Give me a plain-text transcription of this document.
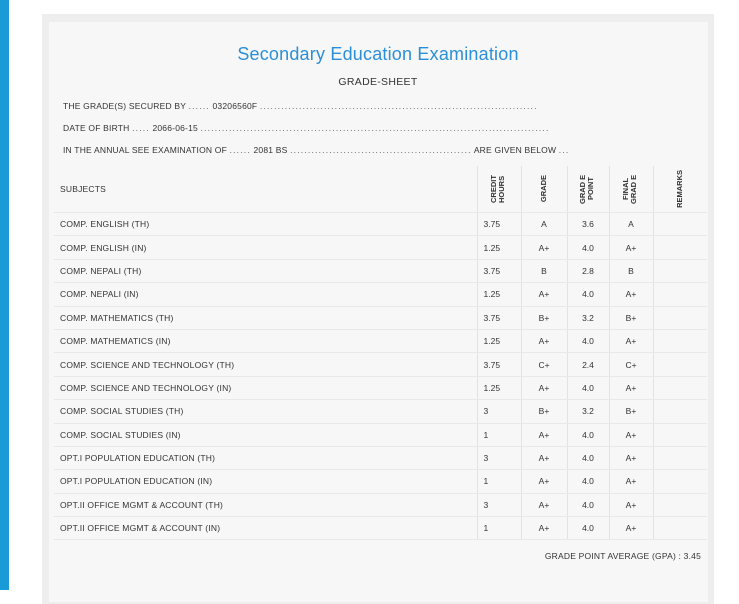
Secondary Education Examination
GRADE-SHEET
THE GRADE(S) SECURED BY ...... 03206560F ..............................................................................
DATE OF BIRTH ..... 2066-06-15 ..................................................................................................
IN THE ANNUAL SEE EXAMINATION OF ...... 2081 BS ................................................... ARE GIVEN BELOW ...
SUBJECTS	CREDIT HOURS	GRADE	GRAD E POINT	FINAL GRAD E	REMARKS

COMP. ENGLISH (TH)	3.75	A	3.6	A	
COMP. ENGLISH (IN)	1.25	A+	4.0	A+	
COMP. NEPALI (TH)	3.75	B	2.8	B	
COMP. NEPALI (IN)	1.25	A+	4.0	A+	
COMP. MATHEMATICS (TH)	3.75	B+	3.2	B+	
COMP. MATHEMATICS (IN)	1.25	A+	4.0	A+	
COMP. SCIENCE AND TECHNOLOGY (TH)	3.75	C+	2.4	C+	
COMP. SCIENCE AND TECHNOLOGY (IN)	1.25	A+	4.0	A+	
COMP. SOCIAL STUDIES (TH)	3	B+	3.2	B+	
COMP. SOCIAL STUDIES (IN)	1	A+	4.0	A+	
OPT.I POPULATION EDUCATION (TH)	3	A+	4.0	A+	
OPT.I POPULATION EDUCATION (IN)	1	A+	4.0	A+	
OPT.II OFFICE MGMT & ACCOUNT (TH)	3	A+	4.0	A+	
OPT.II OFFICE MGMT & ACCOUNT (IN)	1	A+	4.0	A+	
GRADE POINT AVERAGE (GPA) : 3.45
